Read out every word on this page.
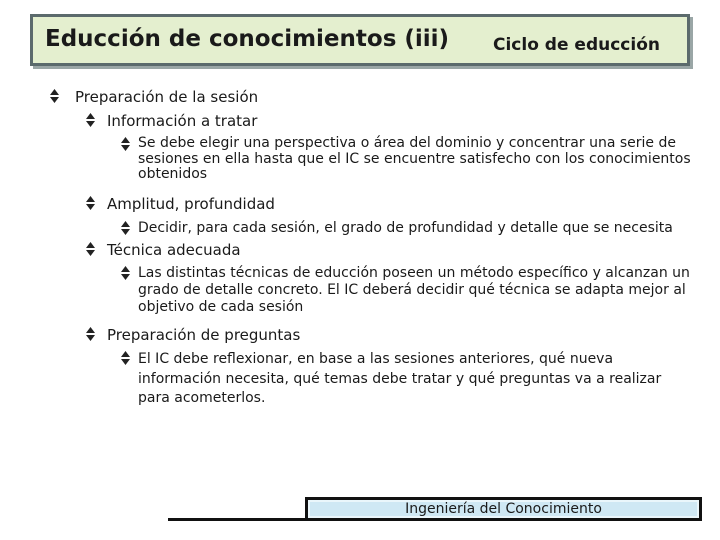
Educción de conocimientos (iii)	Ciclo de educción
Preparación de la sesión
Información a tratar
Se debe elegir una perspectiva o área del dominio y concentrar una serie de sesiones en ella hasta que el IC se encuentre satisfecho con los conocimientos obtenidos
Amplitud, profundidad
Decidir, para cada sesión, el grado de profundidad y detalle que se necesita
Técnica adecuada
Las distintas técnicas de educción poseen un método específico y alcanzan un grado de detalle concreto. El IC deberá decidir qué técnica se adapta mejor al objetivo de cada sesión
Preparación de preguntas
El IC debe reflexionar, en base a las sesiones anteriores, qué nueva información necesita, qué temas debe tratar y qué preguntas va a realizar para acometerlos.
Ingeniería del Conocimiento
